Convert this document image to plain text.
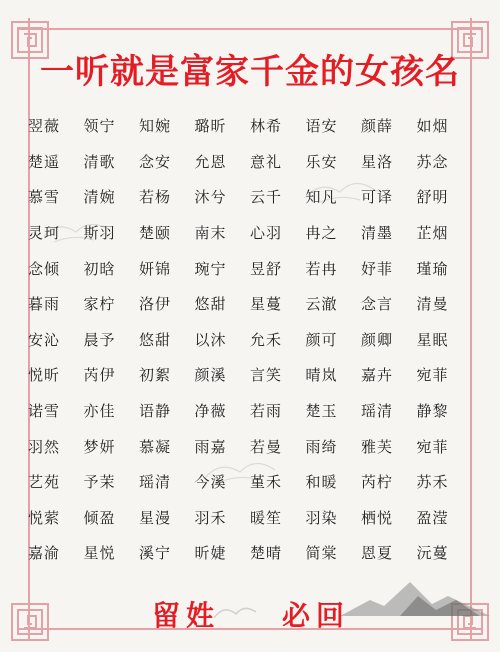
一听就是富家千金的女孩名
翌薇	领宁	知婉	璐昕	林希	语安	颜薛	如烟
楚遥	清歌	念安	允恩	意礼	乐安	星洛	苏念
慕雪	清婉	若杨	沐兮	云千	知凡	可译	舒明
灵珂	斯羽	楚颐	南末	心羽	冉之	清墨	芷烟
念倾	初晗	妍锦	琬宁	昱舒	若冉	妤菲	瑾瑜
暮雨	家柠	洛伊	悠甜	星蔓	云澈	念言	清曼
安沁	晨予	悠甜	以沐	允禾	颜可	颜卿	星眠
悦昕	芮伊	初絮	颜溪	言笑	晴岚	嘉卉	宛菲
诺雪	亦佳	语静	净薇	若雨	楚玉	瑶清	静黎
羽然	梦妍	慕凝	雨嘉	若曼	雨绮	雅芙	宛菲
艺苑	予茉	瑶清	今溪	堇禾	和暖	芮柠	苏禾
悦萦	倾盈	星漫	羽禾	暖笙	羽染	栖悦	盈滢
嘉渝	星悦	溪宁	昕婕	楚晴	简棠	恩夏	沅蔓
留姓 必回
